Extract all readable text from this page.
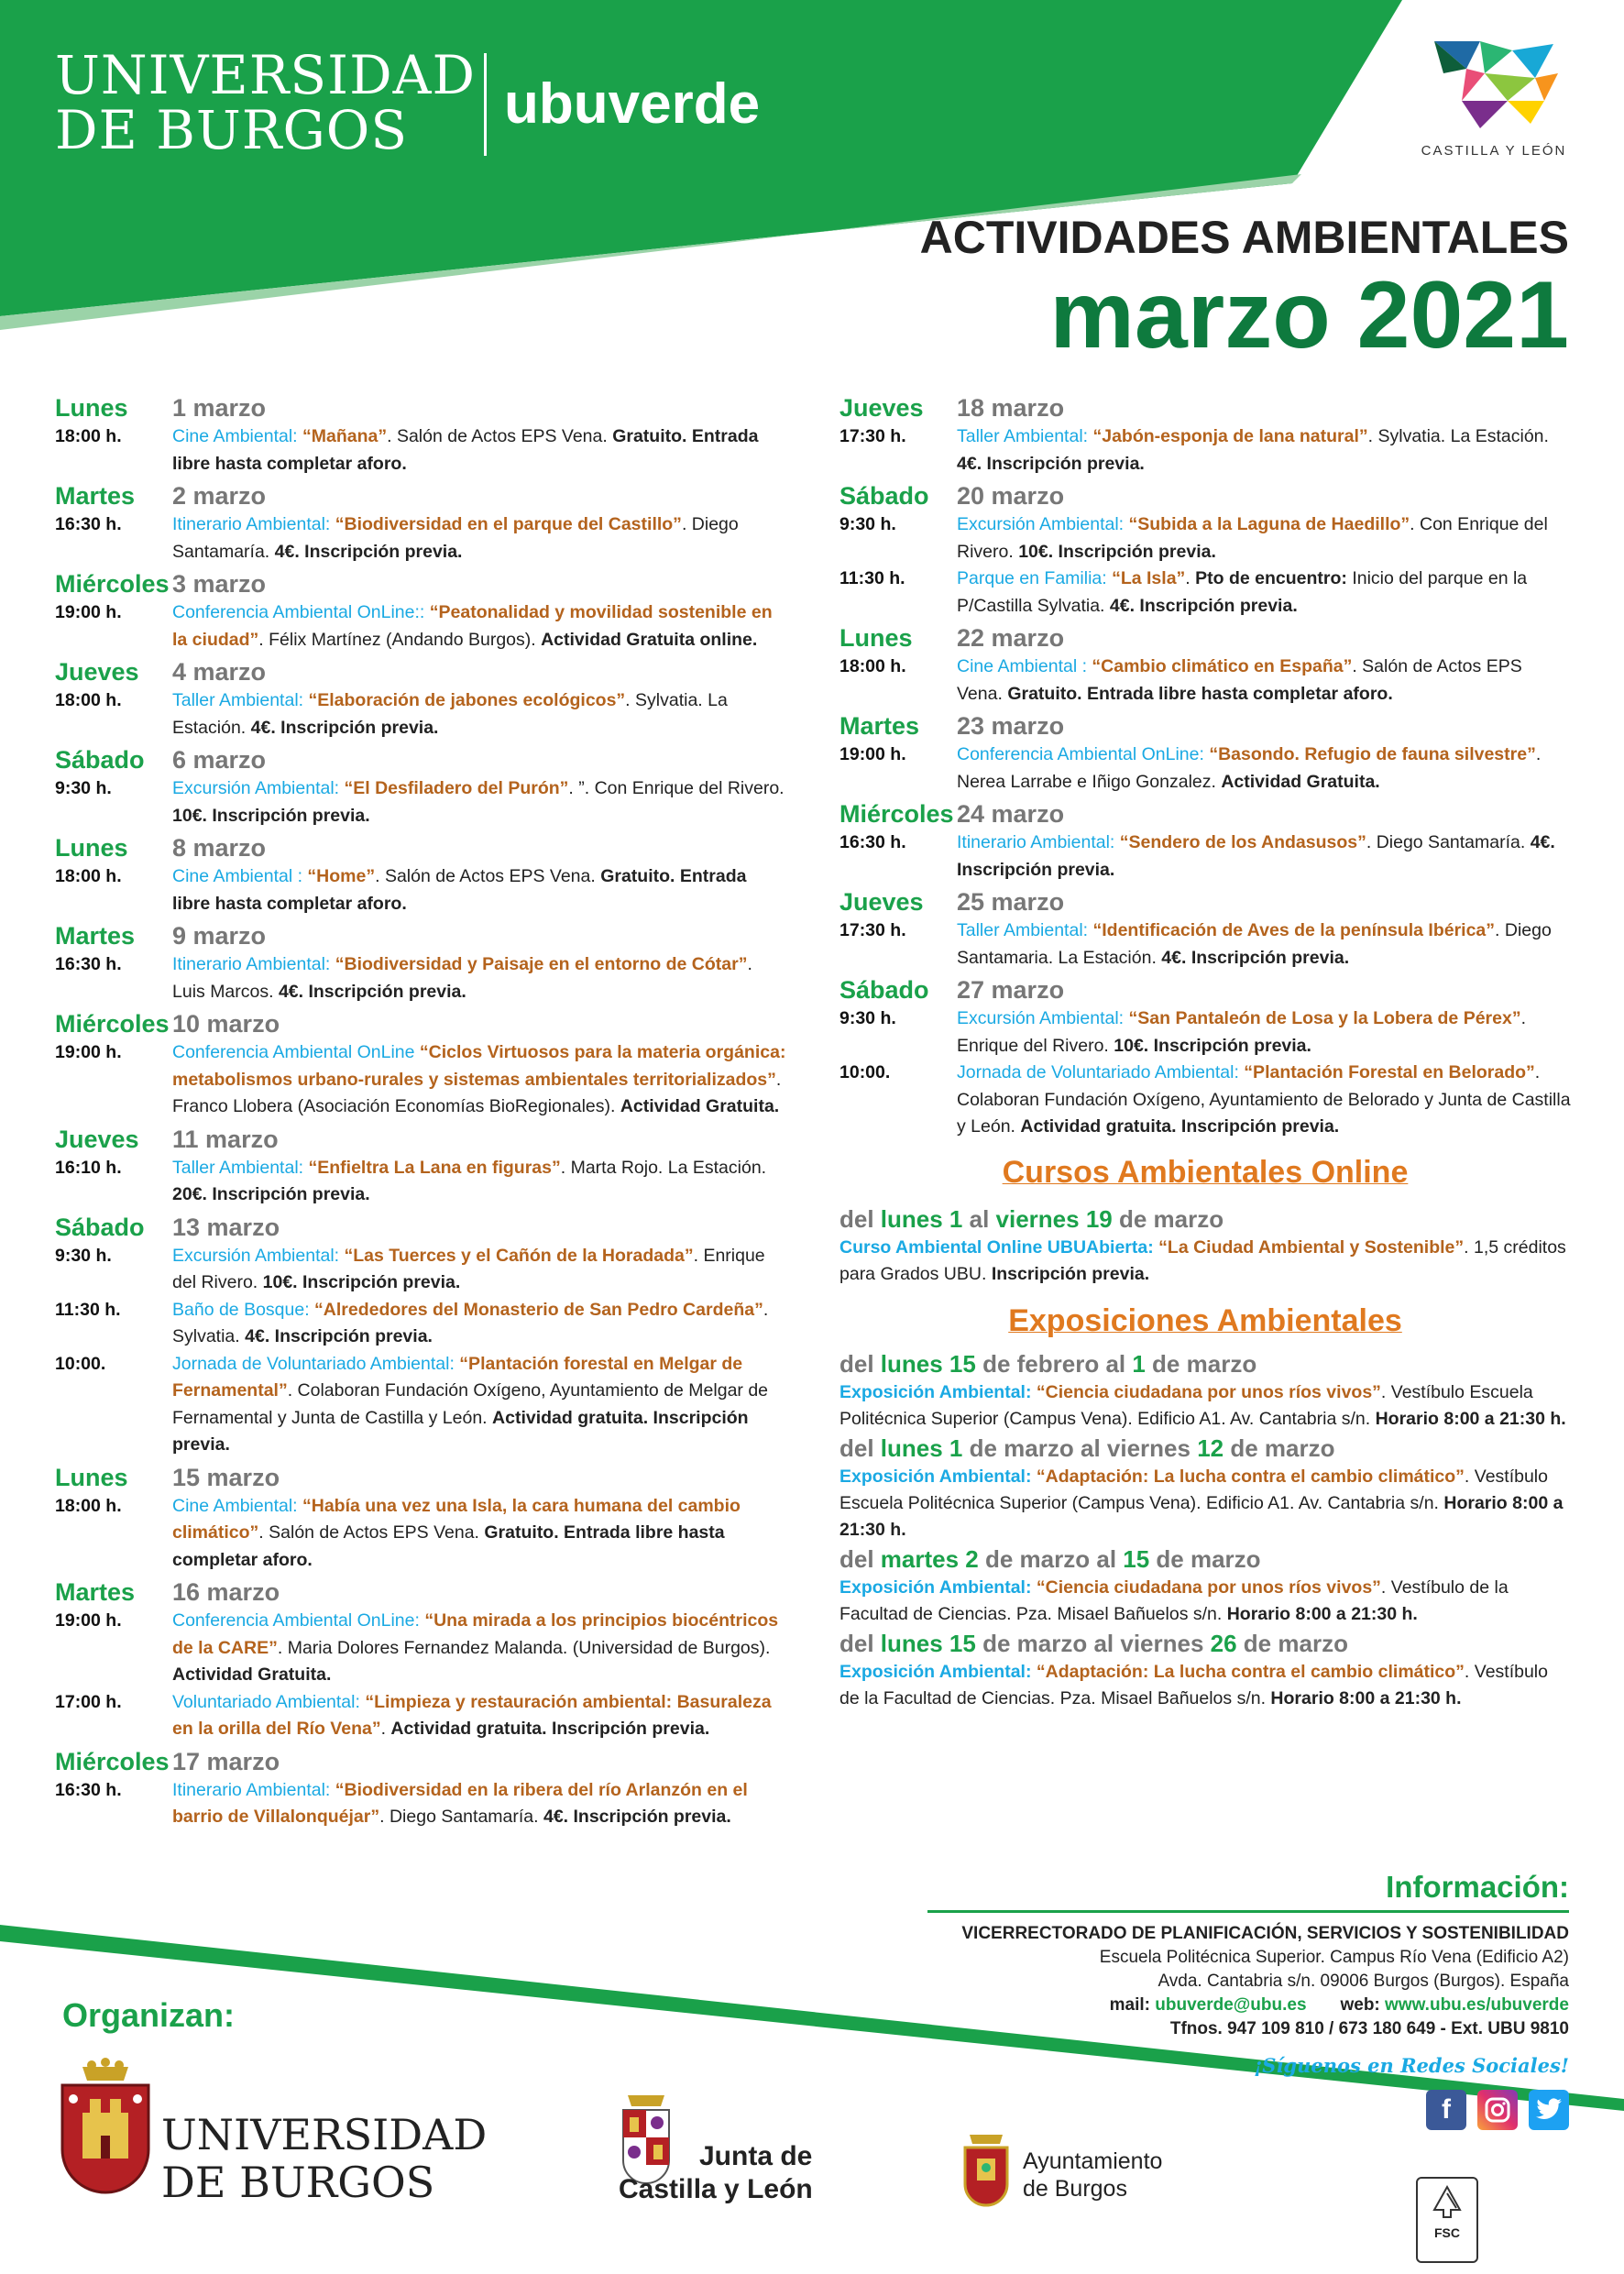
UNIVERSIDAD
DE BURGOS	ubuverde
CASTILLA Y LEÓN
ACTIVIDADES AMBIENTALES
marzo 2021
Lunes	1 marzo
18:00 h.	Cine Ambiental: “Mañana”. Salón de Actos EPS Vena. Gratuito. Entrada libre hasta completar aforo.
Martes	2 marzo
16:30 h.	Itinerario Ambiental: “Biodiversidad en el parque del Castillo”. Diego Santamaría. 4€. Inscripción previa.
Miércoles 3 marzo
19:00 h.	Conferencia Ambiental OnLine:: “Peatonalidad y movilidad sostenible en la ciudad”. Félix Martínez (Andando Burgos). Actividad Gratuita online.
Jueves	4 marzo
18:00 h.	Taller Ambiental: “Elaboración de jabones ecológicos”. Sylvatia. La Estación. 4€. Inscripción previa.
Sábado	6 marzo
9:30 h.	Excursión Ambiental: “El Desfiladero del Purón”. ”. Con Enrique del Rivero. 10€. Inscripción previa.
Lunes	8 marzo
18:00 h.	Cine Ambiental : “Home”. Salón de Actos EPS Vena. Gratuito. Entrada libre hasta completar aforo.
Martes	9 marzo
16:30 h.	Itinerario Ambiental: “Biodiversidad y Paisaje en el entorno de Cótar”. Luis Marcos. 4€. Inscripción previa.
Miércoles 10 marzo
19:00 h.	Conferencia Ambiental OnLine “Ciclos Virtuosos para la materia orgánica: metabolismos urbano-rurales y sistemas ambientales territorializados”. Franco Llobera (Asociación Economías BioRegionales). Actividad Gratuita.
Jueves	11 marzo
16:10 h.	Taller Ambiental: “Enfieltra La Lana en figuras”. Marta Rojo. La Estación. 20€. Inscripción previa.
Sábado	13 marzo
9:30 h.	Excursión Ambiental: “Las Tuerces y el Cañón de la Horadada”. Enrique del Rivero. 10€. Inscripción previa.
11:30 h.	Baño de Bosque: “Alrededores del Monasterio de San Pedro Cardeña”. Sylvatia. 4€. Inscripción previa.
10:00.	Jornada de Voluntariado Ambiental: “Plantación forestal en Melgar de Fernamental”. Colaboran Fundación Oxígeno, Ayuntamiento de Melgar de Fernamental y Junta de Castilla y León. Actividad gratuita. Inscripción previa.
Lunes	15 marzo
18:00 h.	Cine Ambiental: “Había una vez una Isla, la cara humana del cambio climático”. Salón de Actos EPS Vena. Gratuito. Entrada libre hasta completar aforo.
Martes	16 marzo
19:00 h.	Conferencia Ambiental OnLine: “Una mirada a los principios biocéntricos de la CARE”. Maria Dolores Fernandez Malanda. (Universidad de Burgos). Actividad Gratuita.
17:00 h.	Voluntariado Ambiental: “Limpieza y restauración ambiental: Basuraleza en la orilla del Río Vena”. Actividad gratuita. Inscripción previa.
Miércoles 17 marzo
16:30 h.	Itinerario Ambiental: “Biodiversidad en la ribera del río Arlanzón en el barrio de Villalonquéjar”. Diego Santamaría. 4€. Inscripción previa.
Jueves	18 marzo
17:30 h.	Taller Ambiental: “Jabón-esponja de lana natural”. Sylvatia. La Estación. 4€. Inscripción previa.
Sábado	20 marzo
9:30 h.	Excursión Ambiental: “Subida a la Laguna de Haedillo”. Con Enrique del Rivero. 10€. Inscripción previa.
11:30 h.	Parque en Familia: “La Isla”. Pto de encuentro: Inicio del parque en la P/Castilla Sylvatia. 4€. Inscripción previa.
Lunes	22 marzo
18:00 h.	Cine Ambiental : “Cambio climático en España”. Salón de Actos EPS Vena. Gratuito. Entrada libre hasta completar aforo.
Martes	23 marzo
19:00 h.	Conferencia Ambiental OnLine: “Basondo. Refugio de fauna silvestre”. Nerea Larrabe e Iñigo Gonzalez. Actividad Gratuita.
Miércoles 24 marzo
16:30 h.	Itinerario Ambiental: “Sendero de los Andasusos”. Diego Santamaría. 4€. Inscripción previa.
Jueves	25 marzo
17:30 h.	Taller Ambiental: “Identificación de Aves de la península Ibérica”. Diego Santamaria. La Estación. 4€. Inscripción previa.
Sábado	27 marzo
9:30 h.	Excursión Ambiental: “San Pantaleón de Losa y la Lobera de Pérex”. Enrique del Rivero. 10€. Inscripción previa.
10:00.	Jornada de Voluntariado Ambiental: “Plantación Forestal en Belorado”. Colaboran Fundación Oxígeno, Ayuntamiento de Belorado y Junta de Castilla y León. Actividad gratuita. Inscripción previa.
Cursos Ambientales Online
del lunes 1 al viernes 19 de marzo
Curso Ambiental Online UBUAbierta: “La Ciudad Ambiental y Sostenible”. 1,5 créditos para Grados UBU. Inscripción previa.
Exposiciones Ambientales
del lunes 15 de febrero al 1 de marzo
Exposición Ambiental: “Ciencia ciudadana por unos ríos vivos”. Vestíbulo Escuela Politécnica Superior (Campus Vena). Edificio A1. Av. Cantabria s/n. Horario 8:00 a 21:30 h.
del lunes 1 de marzo al viernes 12 de marzo
Exposición Ambiental: “Adaptación: La lucha contra el cambio climático”. Vestíbulo Escuela Politécnica Superior (Campus Vena). Edificio A1. Av. Cantabria s/n. Horario 8:00 a 21:30 h.
del martes 2 de marzo al 15 de marzo
Exposición Ambiental: “Ciencia ciudadana por unos ríos vivos”. Vestíbulo de la Facultad de Ciencias. Pza. Misael Bañuelos s/n. Horario 8:00 a 21:30 h.
del lunes 15 de marzo al viernes 26 de marzo
Exposición Ambiental: “Adaptación: La lucha contra el cambio climático”. Vestíbulo de la Facultad de Ciencias. Pza. Misael Bañuelos s/n. Horario 8:00 a 21:30 h.
Información:

VICERRECTORADO DE PLANIFICACIÓN, SERVICIOS Y SOSTENIBILIDAD

Escuela Politécnica Superior. Campus Río Vena (Edificio A2)

Avda. Cantabria s/n. 09006 Burgos (Burgos). España

mail: ubuverde@ubu.es web: www.ubu.es/ubuverde

Tfnos. 947 109 810 / 673 180 649 - Ext. UBU 9810

¡Síguenos en Redes Sociales!
f
Organizan:
UNIVERSIDAD
DE BURGOS
Junta de
Castilla y León
Ayuntamiento
de Burgos
FSC
